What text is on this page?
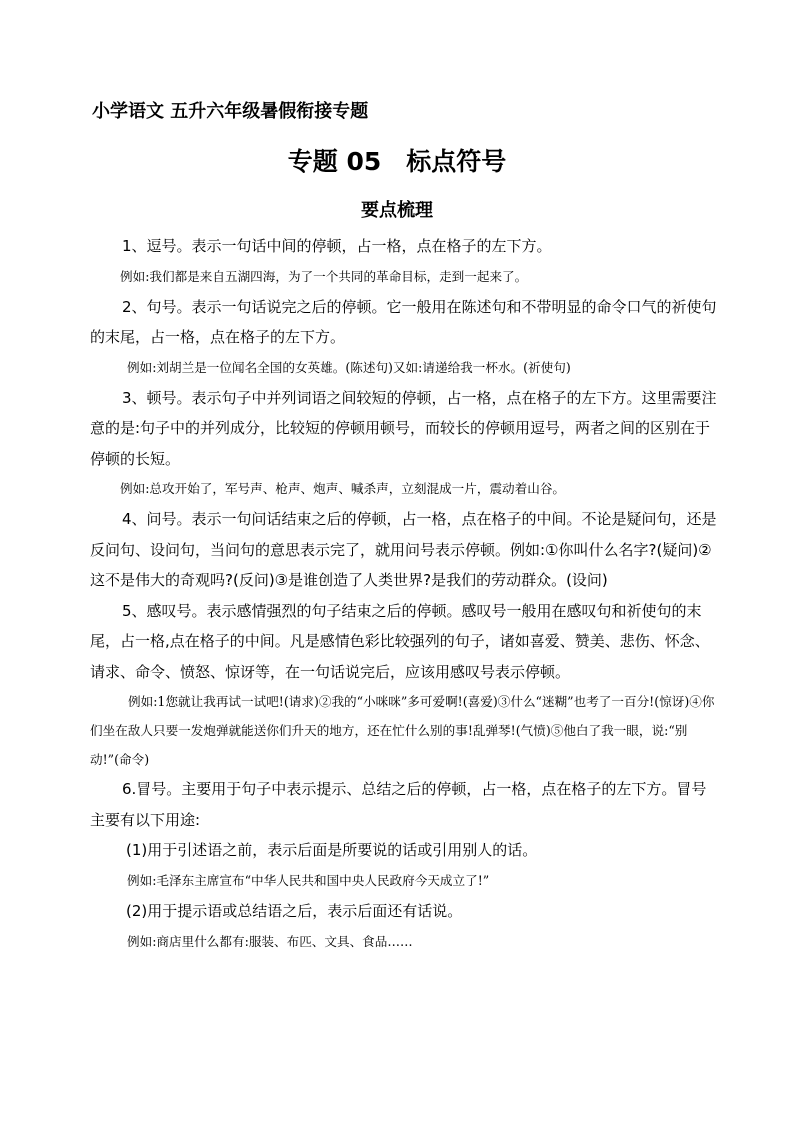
小学语文 五升六年级暑假衔接专题
专题 05　标点符号
要点梳理

1、逗号。表示一句话中间的停顿，占一格，点在格子的左下方。

例如:我们都是来自五湖四海，为了一个共同的革命目标，走到一起来了。

2、句号。表示一句话说完之后的停顿。它一般用在陈述句和不带明显的命令口气的祈使句的末尾，占一格，点在格子的左下方。

例如:刘胡兰是一位闻名全国的女英雄。(陈述句)又如:请递给我一杯水。(祈使句)

3、顿号。表示句子中并列词语之间较短的停顿，占一格，点在格子的左下方。这里需要注意的是:句子中的并列成分，比较短的停顿用顿号，而较长的停顿用逗号，两者之间的区别在于停顿的长短。

例如:总攻开始了，军号声、枪声、炮声、喊杀声，立刻混成一片，震动着山谷。

4、问号。表示一句问话结束之后的停顿，占一格，点在格子的中间。不论是疑问句，还是反问句、设问句，当问句的意思表示完了，就用问号表示停顿。例如:①你叫什么名字?(疑问)②这不是伟大的奇观吗?(反问)③是谁创造了人类世界?是我们的劳动群众。(设问)

5、感叹号。表示感情强烈的句子结束之后的停顿。感叹号一般用在感叹句和祈使句的末尾，占一格,点在格子的中间。凡是感情色彩比较强列的句子，诸如喜爱、赞美、悲伤、怀念、请求、命令、愤怒、惊讶等，在一句话说完后，应该用感叹号表示停顿。

例如:1您就让我再试一试吧!(请求)②我的“小咪咪”多可爱啊!(喜爱)③什么“迷糊”也考了一百分!(惊讶)④你们坐在敌人只要一发炮弹就能送你们升天的地方，还在忙什么别的事!乱弹琴!(气愤)⑤他白了我一眼，说:“别动!”(命令)

6.冒号。主要用于句子中表示提示、总结之后的停顿，占一格，点在格子的左下方。冒号主要有以下用途:

(1)用于引述语之前，表示后面是所要说的话或引用别人的话。

例如:毛泽东主席宣布“中华人民共和国中央人民政府今天成立了!”

(2)用于提示语或总结语之后，表示后面还有话说。

例如:商店里什么都有:服装、布匹、文具、食品……
